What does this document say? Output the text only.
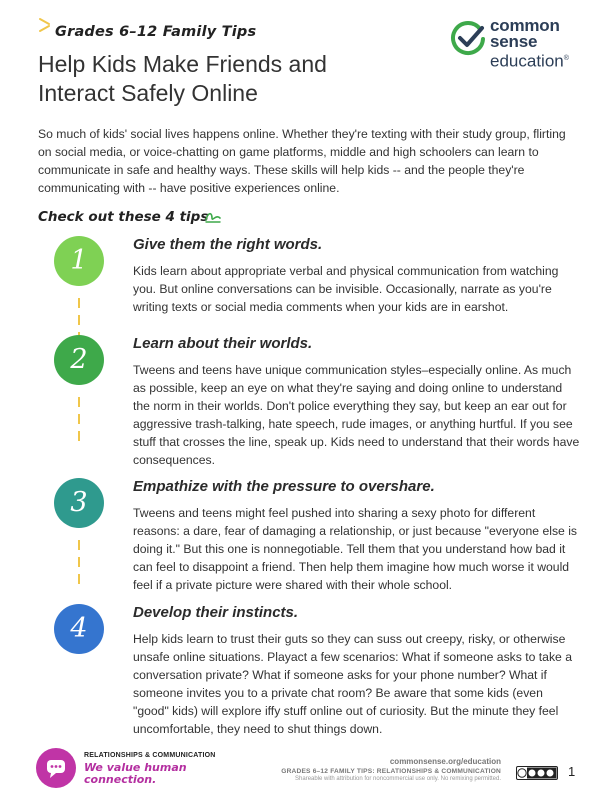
Grades 6–12 Family Tips
Help Kids Make Friends and Interact Safely Online
common
sense
education®

So much of kids' social lives happens online. Whether they're texting with their study group, flirting on social media, or voice-chatting on game platforms, middle and high schoolers can learn to communicate in safe and healthy ways. These skills will help kids -- and the people they're communicating with -- have positive experiences online.

Check out these 4 tips
1
Give them the right words.
Kids learn about appropriate verbal and physical communication from watching you. But online conversations can be invisible. Occasionally, narrate as you're writing texts or social media comments when your kids are in earshot.
2
Learn about their worlds.
Tweens and teens have unique communication styles–especially online. As much as possible, keep an eye on what they're saying and doing online to understand the norm in their worlds. Don't police everything they say, but keep an ear out for aggressive trash-talking, hate speech, rude images, or anything hurtful. If you see stuff that crosses the line, speak up. Kids need to understand that their words have consequences.
3
Empathize with the pressure to overshare.
Tweens and teens might feel pushed into sharing a sexy photo for different reasons: a dare, fear of damaging a relationship, or just because "everyone else is doing it." But this one is nonnegotiable. Tell them that you understand how bad it can feel to disappoint a friend. Then help them imagine how much worse it would feel if a private picture were shared with their whole school.
4
Develop their instincts.
Help kids learn to trust their guts so they can suss out creepy, risky, or otherwise unsafe online situations. Playact a few scenarios: What if someone asks to take a conversation private? What if someone asks for your phone number? What if someone invites you to a private chat room? Be aware that some kids (even "good" kids) will explore iffy stuff online out of curiosity. But the minute they feel uncomfortable, they need to shut things down.
RELATIONSHIPS & COMMUNICATION
We value human connection.
commonsense.org/education
GRADES 6–12 FAMILY TIPS: RELATIONSHIPS & COMMUNICATION
Shareable with attribution for noncommercial use only. No remixing permitted.	1
